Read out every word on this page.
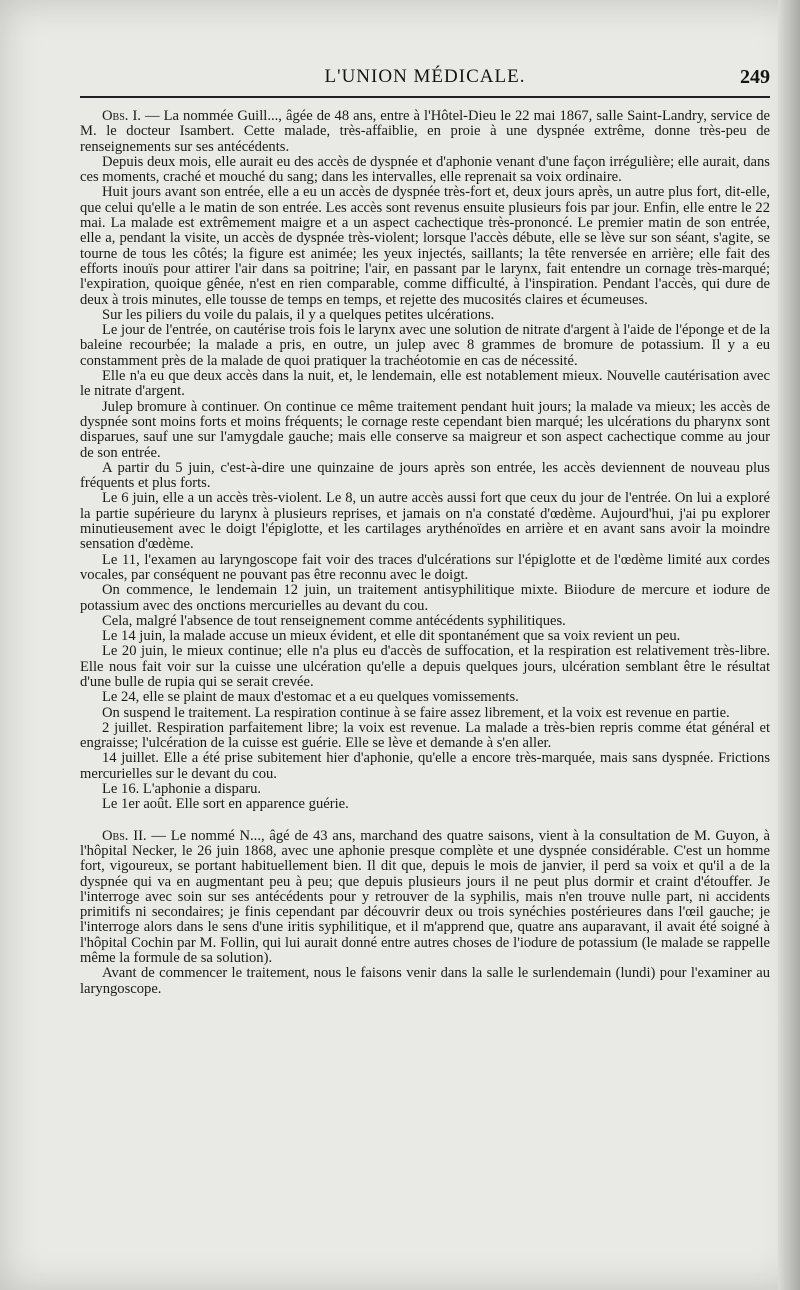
L'UNION MÉDICALE.	249

Obs. I. — La nommée Guill..., âgée de 48 ans, entre à l'Hôtel-Dieu le 22 mai 1867, salle Saint-Landry, service de M. le docteur Isambert. Cette malade, très-affaiblie, en proie à une dyspnée extrême, donne très-peu de renseignements sur ses antécédents.

Depuis deux mois, elle aurait eu des accès de dyspnée et d'aphonie venant d'une façon irrégulière; elle aurait, dans ces moments, craché et mouché du sang; dans les intervalles, elle reprenait sa voix ordinaire.

Huit jours avant son entrée, elle a eu un accès de dyspnée très-fort et, deux jours après, un autre plus fort, dit-elle, que celui qu'elle a le matin de son entrée. Les accès sont revenus ensuite plusieurs fois par jour. Enfin, elle entre le 22 mai. La malade est extrêmement maigre et a un aspect cachectique très-prononcé. Le premier matin de son entrée, elle a, pendant la visite, un accès de dyspnée très-violent; lorsque l'accès débute, elle se lève sur son séant, s'agite, se tourne de tous les côtés; la figure est animée; les yeux injectés, saillants; la tête renversée en arrière; elle fait des efforts inouïs pour attirer l'air dans sa poitrine; l'air, en passant par le larynx, fait entendre un cornage très-marqué; l'expiration, quoique gênée, n'est en rien comparable, comme difficulté, à l'inspiration. Pendant l'accès, qui dure de deux à trois minutes, elle tousse de temps en temps, et rejette des mucosités claires et écumeuses.

Sur les piliers du voile du palais, il y a quelques petites ulcérations.

Le jour de l'entrée, on cautérise trois fois le larynx avec une solution de nitrate d'argent à l'aide de l'éponge et de la baleine recourbée; la malade a pris, en outre, un julep avec 8 grammes de bromure de potassium. Il y a eu constamment près de la malade de quoi pratiquer la trachéotomie en cas de nécessité.

Elle n'a eu que deux accès dans la nuit, et, le lendemain, elle est notablement mieux. Nouvelle cautérisation avec le nitrate d'argent.

Julep bromure à continuer. On continue ce même traitement pendant huit jours; la malade va mieux; les accès de dyspnée sont moins forts et moins fréquents; le cornage reste cependant bien marqué; les ulcérations du pharynx sont disparues, sauf une sur l'amygdale gauche; mais elle conserve sa maigreur et son aspect cachectique comme au jour de son entrée.

A partir du 5 juin, c'est-à-dire une quinzaine de jours après son entrée, les accès deviennent de nouveau plus fréquents et plus forts.

Le 6 juin, elle a un accès très-violent. Le 8, un autre accès aussi fort que ceux du jour de l'entrée. On lui a exploré la partie supérieure du larynx à plusieurs reprises, et jamais on n'a constaté d'œdème. Aujourd'hui, j'ai pu explorer minutieusement avec le doigt l'épiglotte, et les cartilages arythénoïdes en arrière et en avant sans avoir la moindre sensation d'œdème.

Le 11, l'examen au laryngoscope fait voir des traces d'ulcérations sur l'épiglotte et de l'œdème limité aux cordes vocales, par conséquent ne pouvant pas être reconnu avec le doigt.

On commence, le lendemain 12 juin, un traitement antisyphilitique mixte. Biiodure de mercure et iodure de potassium avec des onctions mercurielles au devant du cou.

Cela, malgré l'absence de tout renseignement comme antécédents syphilitiques.

Le 14 juin, la malade accuse un mieux évident, et elle dit spontanément que sa voix revient un peu.

Le 20 juin, le mieux continue; elle n'a plus eu d'accès de suffocation, et la respiration est relativement très-libre. Elle nous fait voir sur la cuisse une ulcération qu'elle a depuis quelques jours, ulcération semblant être le résultat d'une bulle de rupia qui se serait crevée.

Le 24, elle se plaint de maux d'estomac et a eu quelques vomissements.

On suspend le traitement. La respiration continue à se faire assez librement, et la voix est revenue en partie.

2 juillet. Respiration parfaitement libre; la voix est revenue. La malade a très-bien repris comme état général et engraisse; l'ulcération de la cuisse est guérie. Elle se lève et demande à s'en aller.

14 juillet. Elle a été prise subitement hier d'aphonie, qu'elle a encore très-marquée, mais sans dyspnée. Frictions mercurielles sur le devant du cou.

Le 16. L'aphonie a disparu.

Le 1er août. Elle sort en apparence guérie.

Obs. II. — Le nommé N..., âgé de 43 ans, marchand des quatre saisons, vient à la consultation de M. Guyon, à l'hôpital Necker, le 26 juin 1868, avec une aphonie presque complète et une dyspnée considérable. C'est un homme fort, vigoureux, se portant habituellement bien. Il dit que, depuis le mois de janvier, il perd sa voix et qu'il a de la dyspnée qui va en augmentant peu à peu; que depuis plusieurs jours il ne peut plus dormir et craint d'étouffer. Je l'interroge avec soin sur ses antécédents pour y retrouver de la syphilis, mais n'en trouve nulle part, ni accidents primitifs ni secondaires; je finis cependant par découvrir deux ou trois synéchies postérieures dans l'œil gauche; je l'interroge alors dans le sens d'une iritis syphilitique, et il m'apprend que, quatre ans auparavant, il avait été soigné à l'hôpital Cochin par M. Follin, qui lui aurait donné entre autres choses de l'iodure de potassium (le malade se rappelle même la formule de sa solution).

Avant de commencer le traitement, nous le faisons venir dans la salle le surlendemain (lundi) pour l'examiner au laryngoscope.
